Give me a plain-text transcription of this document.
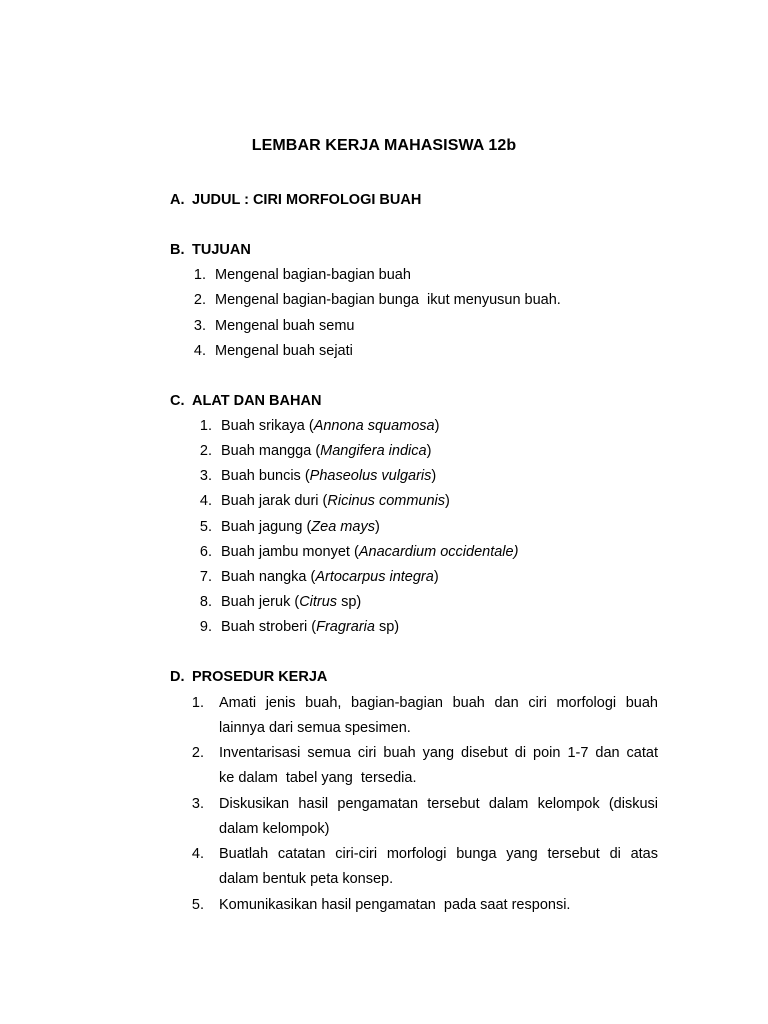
LEMBAR KERJA MAHASISWA 12b
A. JUDUL : CIRI MORFOLOGI BUAH
B. TUJUAN
1. Mengenal bagian-bagian buah
2. Mengenal bagian-bagian bunga  ikut menyusun buah.
3. Mengenal buah semu
4. Mengenal buah sejati
C. ALAT DAN BAHAN
1. Buah srikaya (Annona squamosa)
2. Buah mangga (Mangifera indica)
3. Buah buncis (Phaseolus vulgaris)
4. Buah jarak duri (Ricinus communis)
5. Buah jagung (Zea mays)
6. Buah jambu monyet (Anacardium occidentale)
7. Buah nangka (Artocarpus integra)
8. Buah jeruk (Citrus sp)
9. Buah stroberi (Fragraria sp)
D. PROSEDUR KERJA
1. Amati jenis buah, bagian-bagian buah dan ciri morfologi buah
lainnya dari semua spesimen.
2. Inventarisasi semua ciri buah yang disebut di poin 1-7 dan catat
ke dalam  tabel yang  tersedia.
3. Diskusikan hasil pengamatan tersebut dalam kelompok (diskusi
dalam kelompok)
4. Buatlah catatan ciri-ciri morfologi bunga yang tersebut di atas
dalam bentuk peta konsep.
5. Komunikasikan hasil pengamatan  pada saat responsi.
